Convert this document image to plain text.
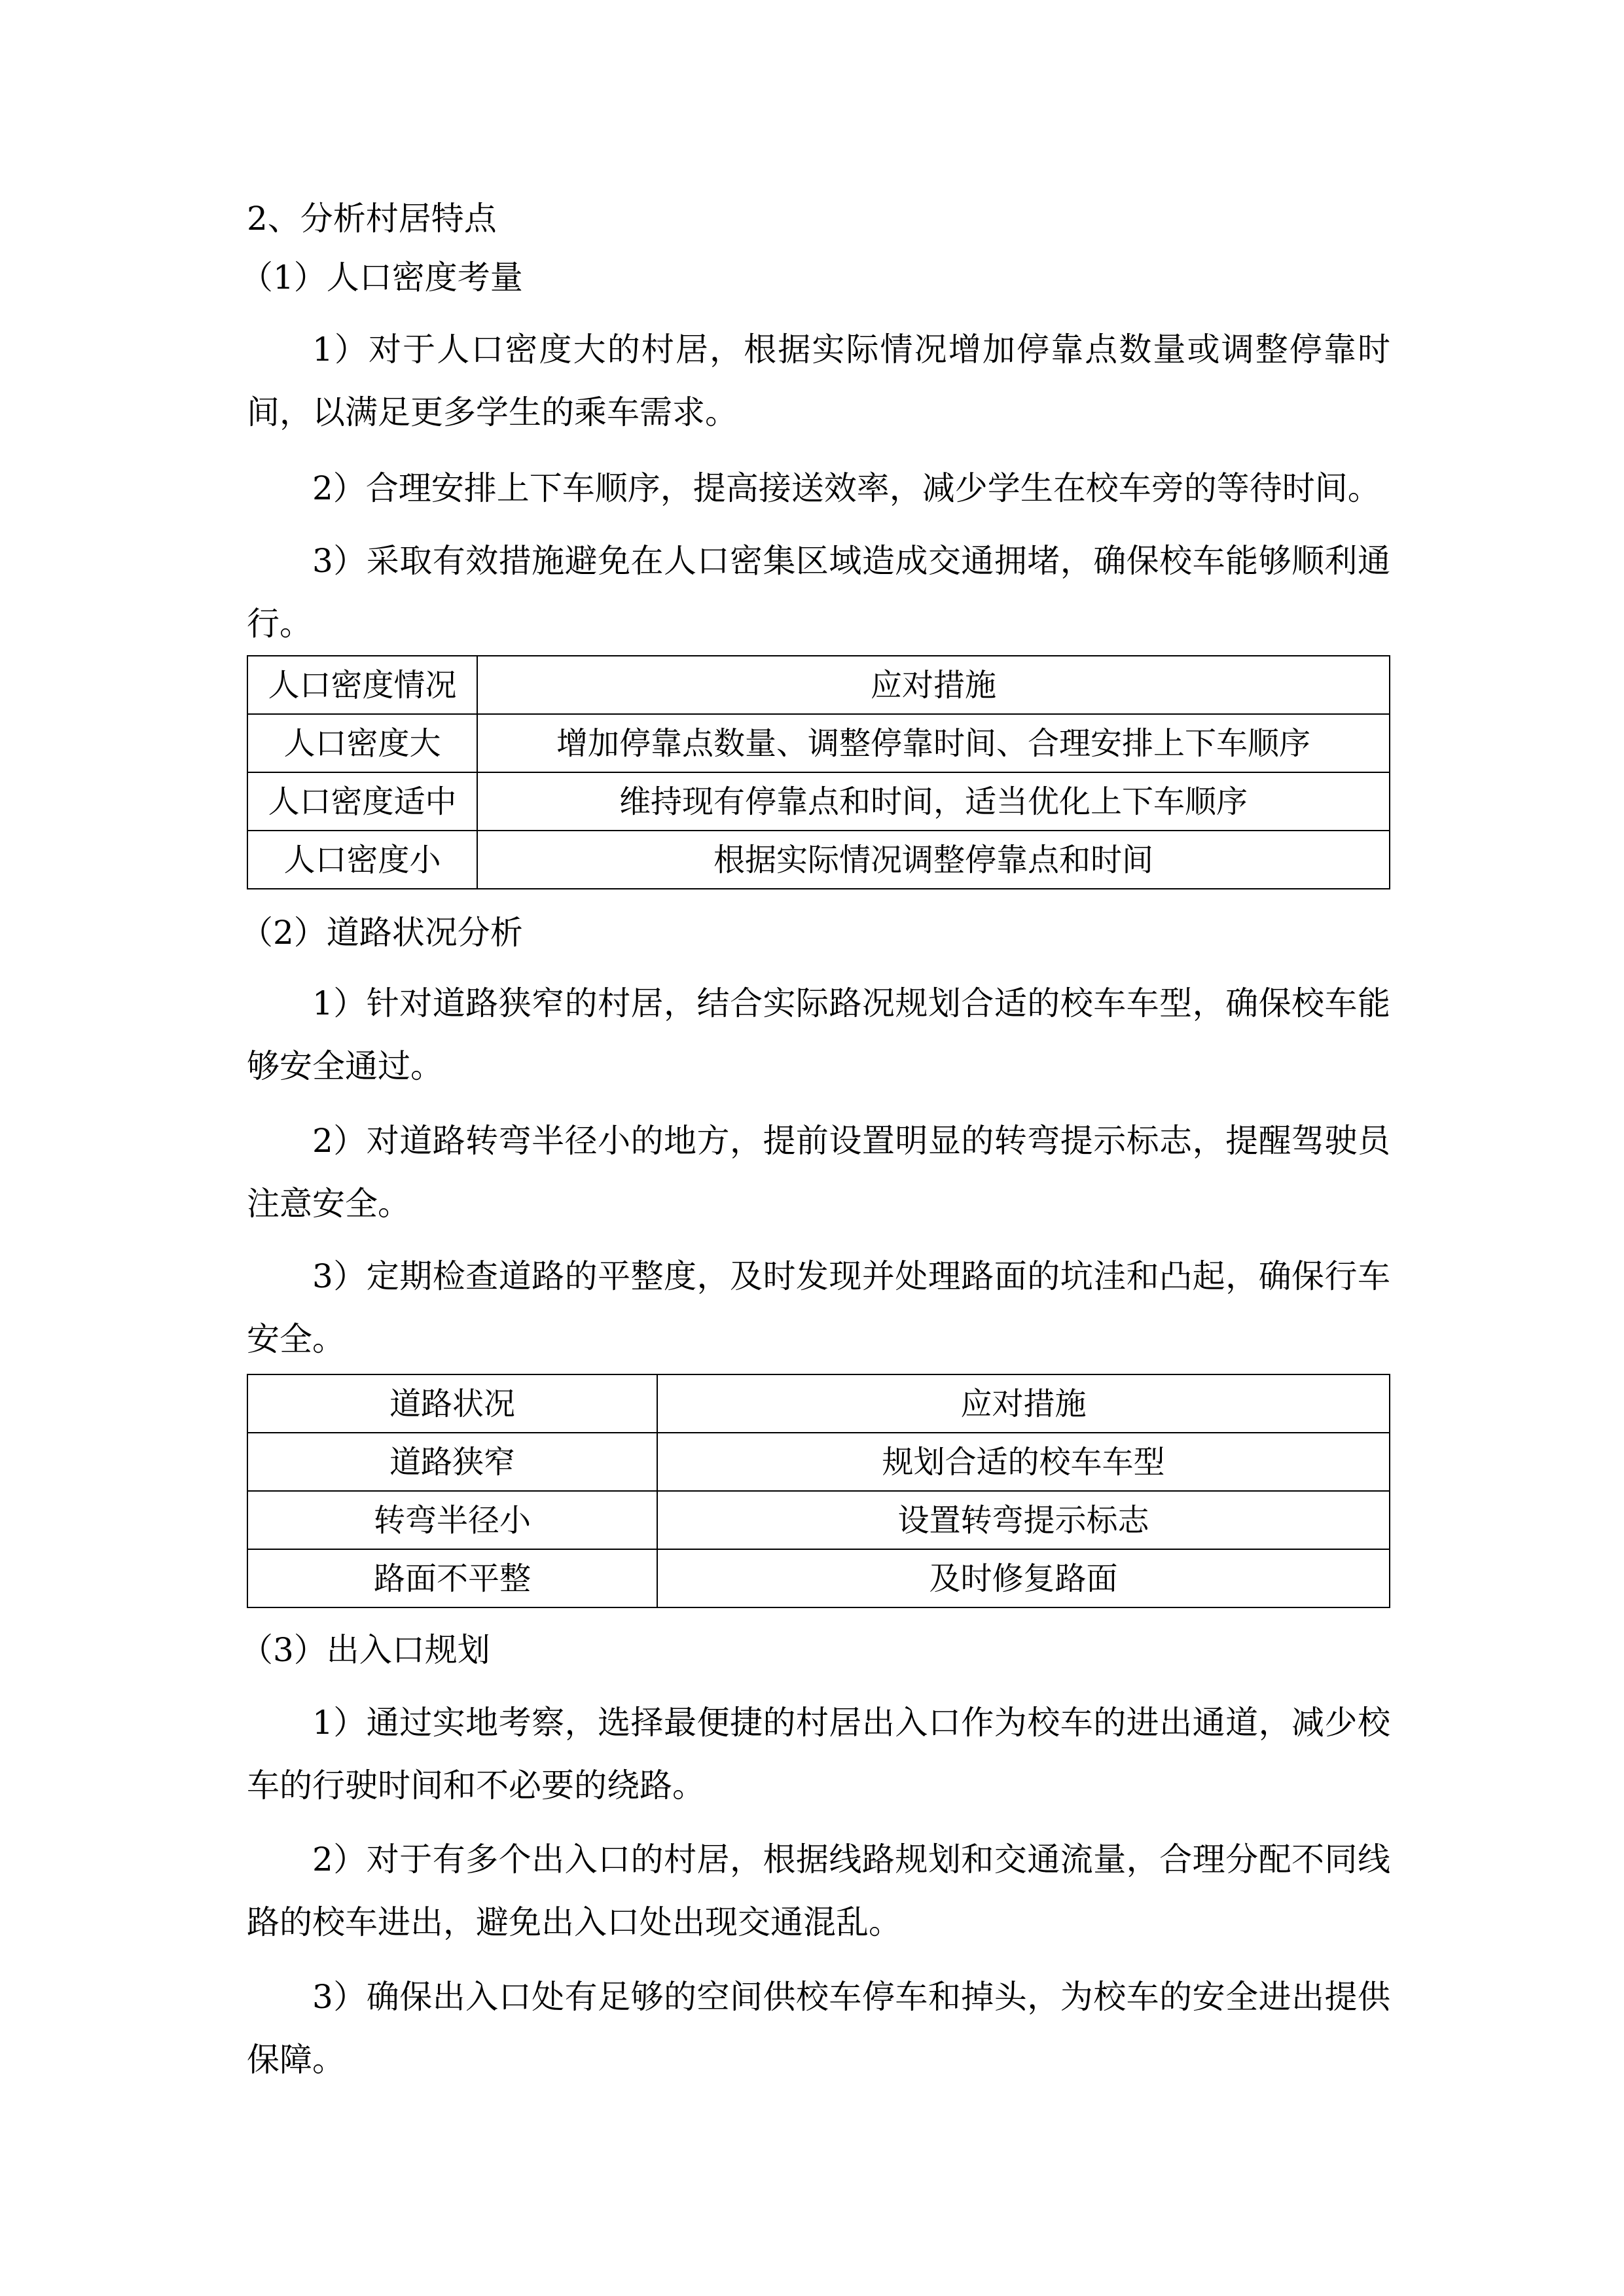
2、分析村居特点
（1）人口密度考量
1）对于人口密度大的村居，根据实际情况增加停靠点数量或调整停靠时间，以满足更多学生的乘车需求。
2）合理安排上下车顺序，提高接送效率，减少学生在校车旁的等待时间。
3）采取有效措施避免在人口密集区域造成交通拥堵，确保校车能够顺利通行。
人口密度情况	应对措施
人口密度大	增加停靠点数量、调整停靠时间、合理安排上下车顺序
人口密度适中	维持现有停靠点和时间，适当优化上下车顺序
人口密度小	根据实际情况调整停靠点和时间
（2）道路状况分析
1）针对道路狭窄的村居，结合实际路况规划合适的校车车型，确保校车能够安全通过。
2）对道路转弯半径小的地方，提前设置明显的转弯提示标志，提醒驾驶员注意安全。
3）定期检查道路的平整度，及时发现并处理路面的坑洼和凸起，确保行车安全。
道路状况	应对措施
道路狭窄	规划合适的校车车型
转弯半径小	设置转弯提示标志
路面不平整	及时修复路面
（3）出入口规划
1）通过实地考察，选择最便捷的村居出入口作为校车的进出通道，减少校车的行驶时间和不必要的绕路。
2）对于有多个出入口的村居，根据线路规划和交通流量，合理分配不同线路的校车进出，避免出入口处出现交通混乱。
3）确保出入口处有足够的空间供校车停车和掉头，为校车的安全进出提供保障。
